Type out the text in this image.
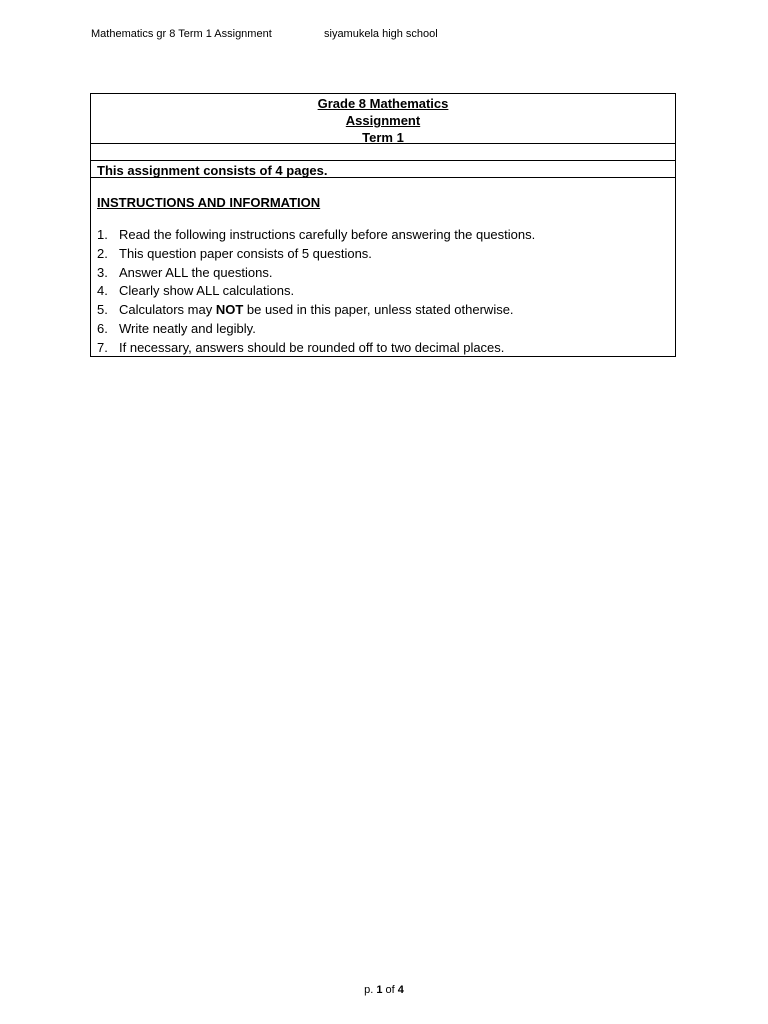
Mathematics gr 8 Term 1 Assignment	siyamukela high school
Grade 8 Mathematics
Assignment
Term 1
This assignment consists of 4 pages.
INSTRUCTIONS AND INFORMATION
1. Read the following instructions carefully before answering the questions.
2. This question paper consists of 5 questions.
3. Answer ALL the questions.
4. Clearly show ALL calculations.
5. Calculators may NOT be used in this paper, unless stated otherwise.
6. Write neatly and legibly.
7. If necessary, answers should be rounded off to two decimal places.
p. 1 of 4
